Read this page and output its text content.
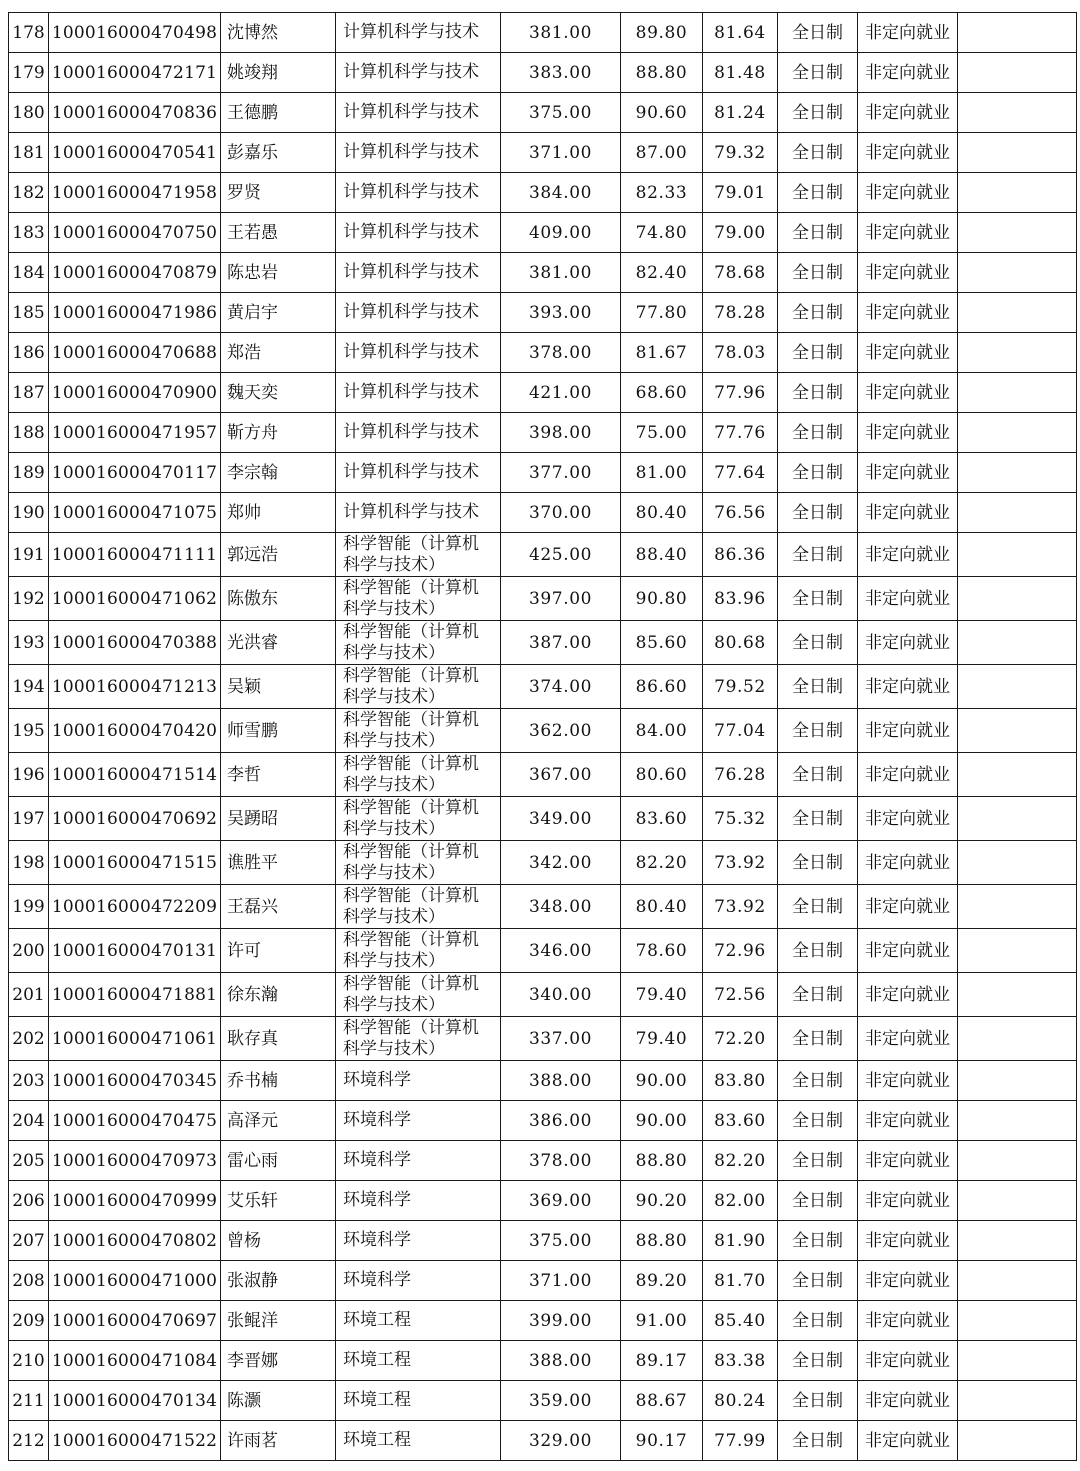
178	100016000470498	沈博然	计算机科学与技术	381.00	89.80	81.64	全日制	非定向就业	
179	100016000472171	姚竣翔	计算机科学与技术	383.00	88.80	81.48	全日制	非定向就业	
180	100016000470836	王德鹏	计算机科学与技术	375.00	90.60	81.24	全日制	非定向就业	
181	100016000470541	彭嘉乐	计算机科学与技术	371.00	87.00	79.32	全日制	非定向就业	
182	100016000471958	罗贤	计算机科学与技术	384.00	82.33	79.01	全日制	非定向就业	
183	100016000470750	王若愚	计算机科学与技术	409.00	74.80	79.00	全日制	非定向就业	
184	100016000470879	陈忠岩	计算机科学与技术	381.00	82.40	78.68	全日制	非定向就业	
185	100016000471986	黄启宇	计算机科学与技术	393.00	77.80	78.28	全日制	非定向就业	
186	100016000470688	郑浩	计算机科学与技术	378.00	81.67	78.03	全日制	非定向就业	
187	100016000470900	魏天奕	计算机科学与技术	421.00	68.60	77.96	全日制	非定向就业	
188	100016000471957	靳方舟	计算机科学与技术	398.00	75.00	77.76	全日制	非定向就业	
189	100016000470117	李宗翰	计算机科学与技术	377.00	81.00	77.64	全日制	非定向就业	
190	100016000471075	郑帅	计算机科学与技术	370.00	80.40	76.56	全日制	非定向就业	
191	100016000471111	郭远浩	科学智能（计算机
科学与技术）	425.00	88.40	86.36	全日制	非定向就业	
192	100016000471062	陈傲东	科学智能（计算机
科学与技术）	397.00	90.80	83.96	全日制	非定向就业	
193	100016000470388	光洪睿	科学智能（计算机
科学与技术）	387.00	85.60	80.68	全日制	非定向就业	
194	100016000471213	吴颖	科学智能（计算机
科学与技术）	374.00	86.60	79.52	全日制	非定向就业	
195	100016000470420	师雪鹏	科学智能（计算机
科学与技术）	362.00	84.00	77.04	全日制	非定向就业	
196	100016000471514	李哲	科学智能（计算机
科学与技术）	367.00	80.60	76.28	全日制	非定向就业	
197	100016000470692	吴踴昭	科学智能（计算机
科学与技术）	349.00	83.60	75.32	全日制	非定向就业	
198	100016000471515	谯胜平	科学智能（计算机
科学与技术）	342.00	82.20	73.92	全日制	非定向就业	
199	100016000472209	王磊兴	科学智能（计算机
科学与技术）	348.00	80.40	73.92	全日制	非定向就业	
200	100016000470131	许可	科学智能（计算机
科学与技术）	346.00	78.60	72.96	全日制	非定向就业	
201	100016000471881	徐东瀚	科学智能（计算机
科学与技术）	340.00	79.40	72.56	全日制	非定向就业	
202	100016000471061	耿存真	科学智能（计算机
科学与技术）	337.00	79.40	72.20	全日制	非定向就业	
203	100016000470345	乔书楠	环境科学	388.00	90.00	83.80	全日制	非定向就业	
204	100016000470475	高泽元	环境科学	386.00	90.00	83.60	全日制	非定向就业	
205	100016000470973	雷心雨	环境科学	378.00	88.80	82.20	全日制	非定向就业	
206	100016000470999	艾乐轩	环境科学	369.00	90.20	82.00	全日制	非定向就业	
207	100016000470802	曾杨	环境科学	375.00	88.80	81.90	全日制	非定向就业	
208	100016000471000	张淑静	环境科学	371.00	89.20	81.70	全日制	非定向就业	
209	100016000470697	张鲲洋	环境工程	399.00	91.00	85.40	全日制	非定向就业	
210	100016000471084	李晋娜	环境工程	388.00	89.17	83.38	全日制	非定向就业	
211	100016000470134	陈灏	环境工程	359.00	88.67	80.24	全日制	非定向就业	
212	100016000471522	许雨茗	环境工程	329.00	90.17	77.99	全日制	非定向就业	
